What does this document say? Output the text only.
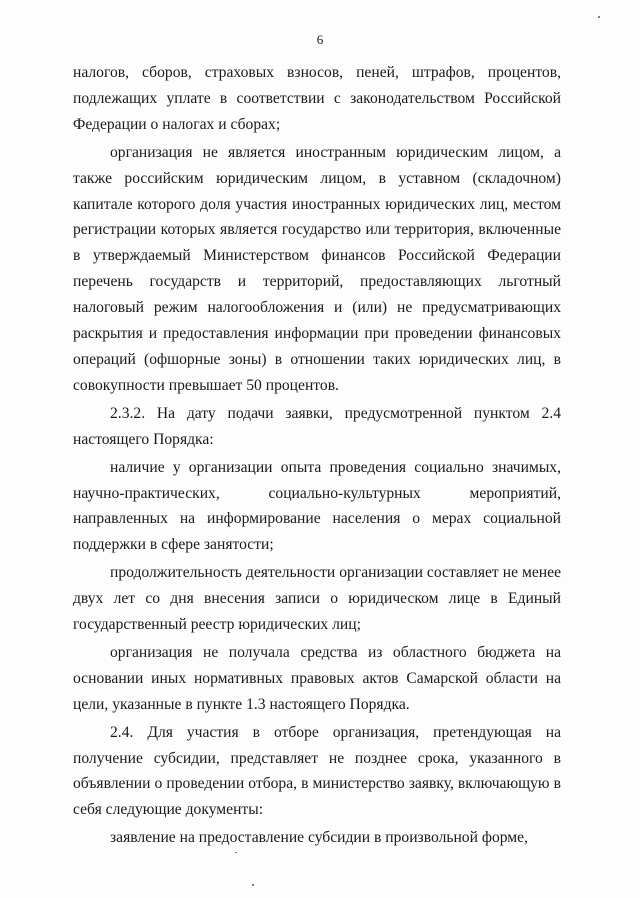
6

налогов, сборов, страховых взносов, пеней, штрафов, процентов, подлежащих уплате в соответствии с законодательством Российской Федерации о налогах и сборах;

организация не является иностранным юридическим лицом, а также российским юридическим лицом, в уставном (складочном) капитале которого доля участия иностранных юридических лиц, местом регистрации которых является государство или территория, включенные в утверждаемый Министерством финансов Российской Федерации перечень государств и территорий, предоставляющих льготный налоговый режим налогообложения и (или) не предусматривающих раскрытия и предоставления информации при проведении финансовых операций (офшорные зоны) в отношении таких юридических лиц, в совокупности превышает 50 процентов.

2.3.2. На дату подачи заявки, предусмотренной пунктом 2.4 настоящего Порядка:

наличие у организации опыта проведения социально значимых, научно-практических, социально-культурных мероприятий, направленных на информирование населения о мерах социальной поддержки в сфере занятости;

продолжительность деятельности организации составляет не менее двух лет со дня внесения записи о юридическом лице в Единый государственный реестр юридических лиц;

организация не получала средства из областного бюджета на основании иных нормативных правовых актов Самарской области на цели, указанные в пункте 1.3 настоящего Порядка.

2.4. Для участия в отборе организация, претендующая на получение субсидии, представляет не позднее срока, указанного в объявлении о проведении отбора, в министерство заявку, включающую в себя следующие документы:

заявление на предоставление субсидии в произвольной форме,
